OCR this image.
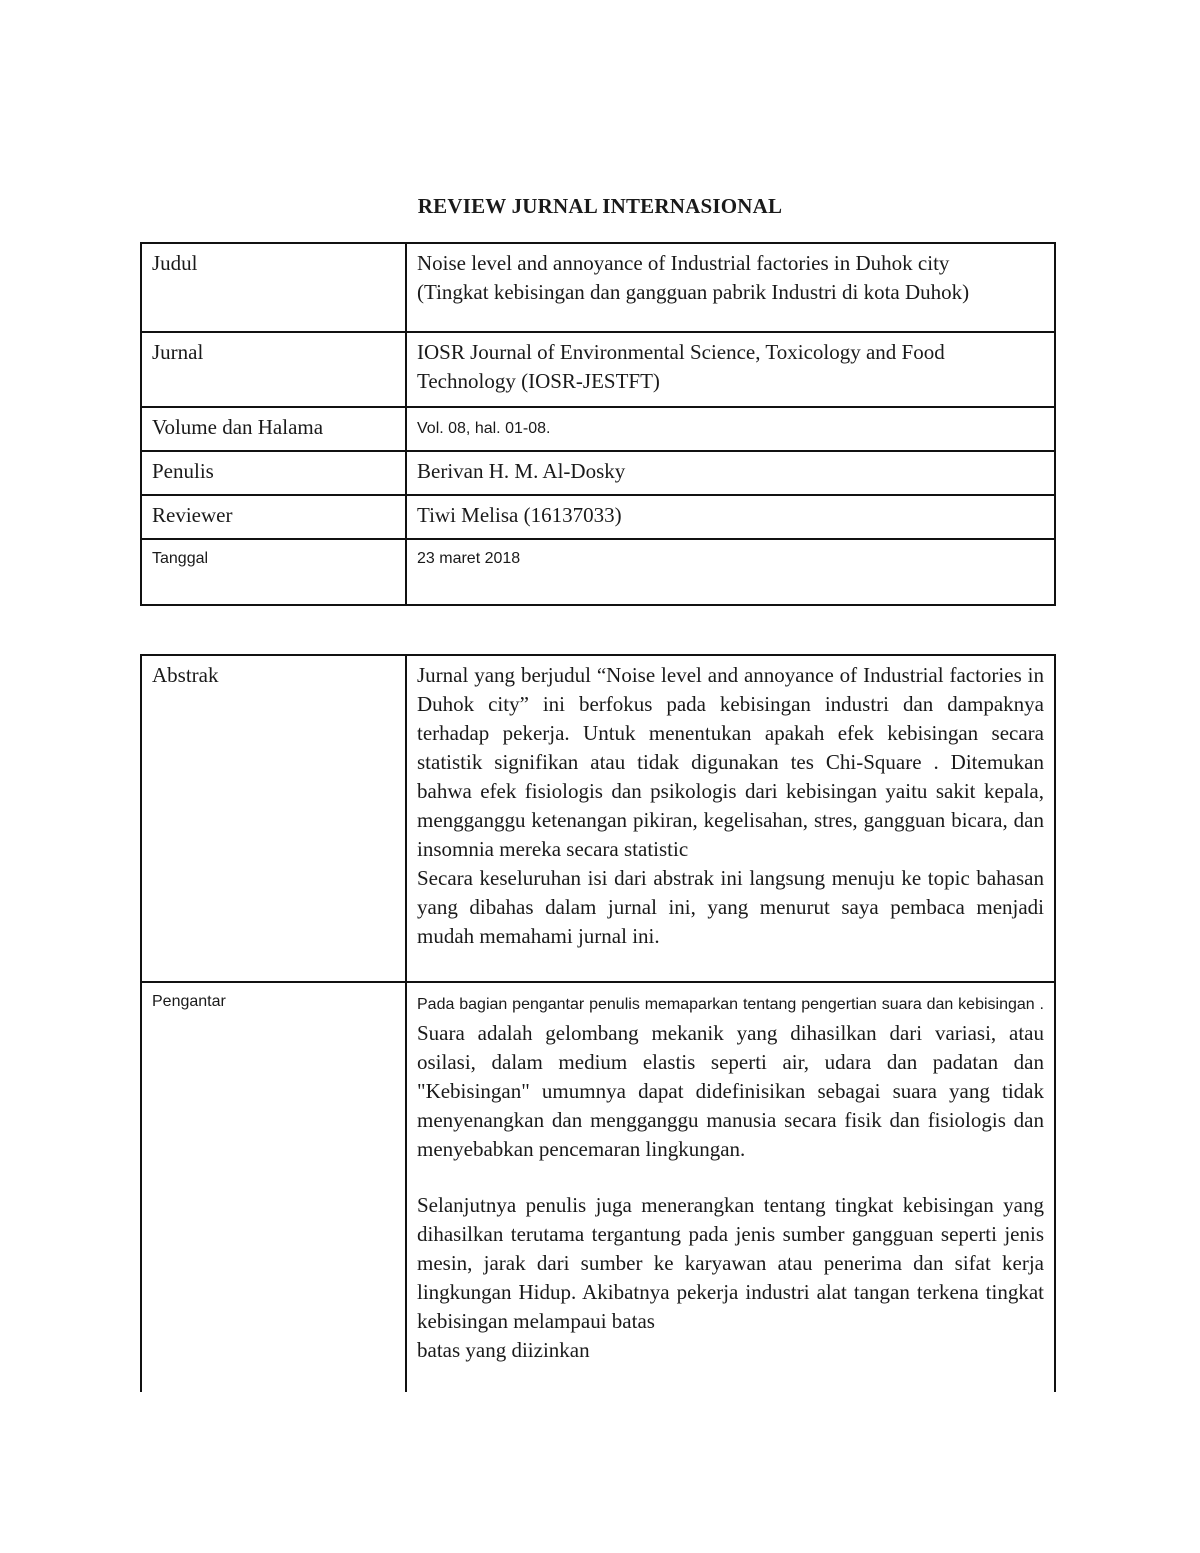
REVIEW JURNAL INTERNASIONAL
Judul	Noise level and annoyance of Industrial factories in Duhok city
(Tingkat kebisingan dan gangguan pabrik Industri di kota Duhok)

Jurnal	IOSR Journal of Environmental Science, Toxicology and Food Technology (IOSR-JESTFT)
Volume dan Halama	Vol. 08, hal. 01-08.
Penulis	Berivan H. M. Al-Dosky
Reviewer	Tiwi Melisa (16137033)
Tanggal	23 maret 2018
Abstrak	Jurnal yang berjudul “Noise level and annoyance of Industrial factories in Duhok city” ini berfokus pada kebisingan industri dan dampaknya terhadap pekerja. Untuk menentukan apakah efek kebisingan secara statistik signifikan atau tidak digunakan tes Chi-Square . Ditemukan bahwa efek fisiologis dan psikologis dari kebisingan yaitu sakit kepala, mengganggu ketenangan pikiran, kegelisahan, stres, gangguan bicara, dan insomnia mereka secara statistic
Secara keseluruhan isi dari abstrak ini langsung menuju ke topic bahasan yang dibahas dalam jurnal ini, yang menurut saya pembaca menjadi mudah memahami jurnal ini.

Pengantar	Pada bagian pengantar penulis memaparkan tentang pengertian suara dan kebisingan . Suara adalah gelombang mekanik yang dihasilkan dari variasi, atau osilasi, dalam medium elastis seperti air, udara dan padatan dan "Kebisingan" umumnya dapat didefinisikan sebagai suara yang tidak menyenangkan dan mengganggu manusia secara fisik dan fisiologis dan menyebabkan pencemaran lingkungan.
Selanjutnya penulis juga menerangkan tentang tingkat kebisingan yang dihasilkan terutama tergantung pada jenis sumber gangguan seperti jenis mesin, jarak dari sumber ke karyawan atau penerima dan sifat kerja lingkungan Hidup. Akibatnya pekerja industri alat tangan terkena tingkat kebisingan melampaui batas
batas yang diizinkan
